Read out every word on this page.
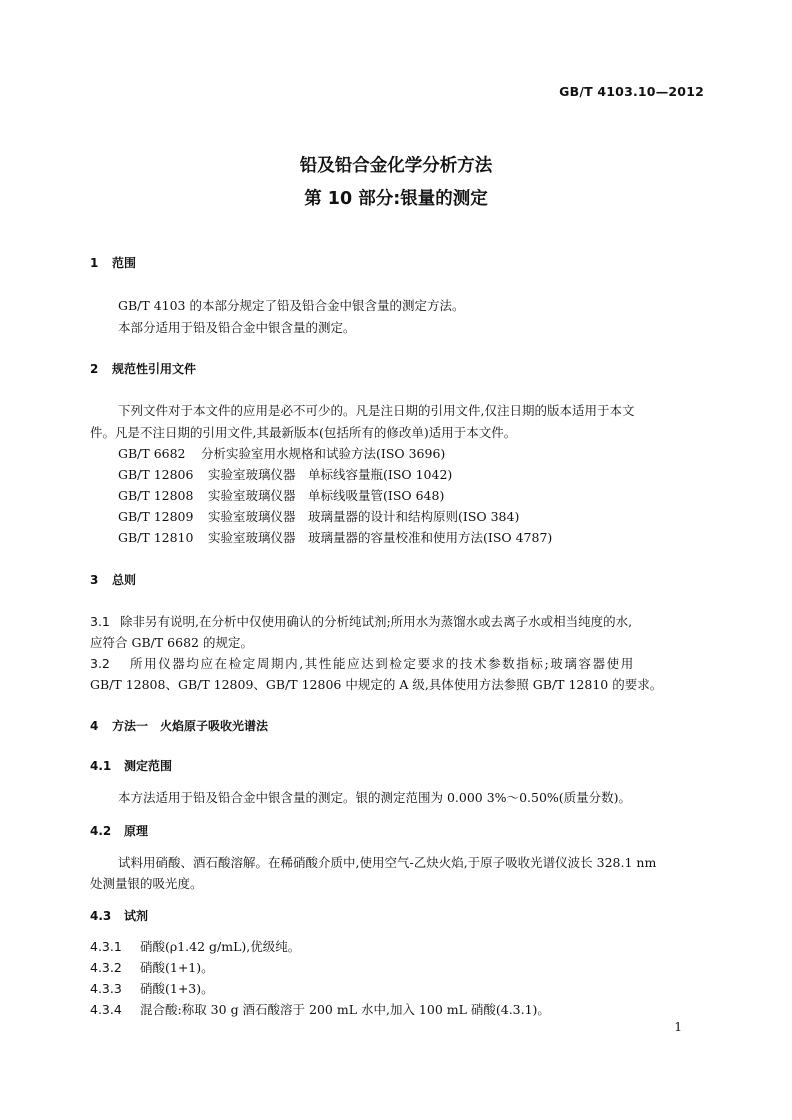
GB/T 4103.10—2012
铅及铅合金化学分析方法
第 10 部分:银量的测定
1 范围
GB/T 4103 的本部分规定了铅及铅合金中银含量的测定方法。
本部分适用于铅及铅合金中银含量的测定。
2 规范性引用文件
下列文件对于本文件的应用是必不可少的。凡是注日期的引用文件,仅注日期的版本适用于本文
件。凡是不注日期的引用文件,其最新版本(包括所有的修改单)适用于本文件。
GB/T 6682 分析实验室用水规格和试验方法(ISO 3696)
GB/T 12806 实验室玻璃仪器　单标线容量瓶(ISO 1042)
GB/T 12808 实验室玻璃仪器　单标线吸量管(ISO 648)
GB/T 12809 实验室玻璃仪器　玻璃量器的设计和结构原则(ISO 384)
GB/T 12810 实验室玻璃仪器　玻璃量器的容量校准和使用方法(ISO 4787)
3 总则
3.1 除非另有说明,在分析中仅使用确认的分析纯试剂;所用水为蒸馏水或去离子水或相当纯度的水,
应符合 GB/T 6682 的规定。
3.2 所用仪器均应在检定周期内,其性能应达到检定要求的技术参数指标;玻璃容器使用
GB/T 12808、GB/T 12809、GB/T 12806 中规定的 A 级,具体使用方法参照 GB/T 12810 的要求。
4 方法一　火焰原子吸收光谱法
4.1 测定范围
本方法适用于铅及铅合金中银含量的测定。银的测定范围为 0.000 3%～0.50%(质量分数)。
4.2 原理
试料用硝酸、酒石酸溶解。在稀硝酸介质中,使用空气-乙炔火焰,于原子吸收光谱仪波长 328.1 nm
处测量银的吸光度。
4.3 试剂
4.3.1 硝酸(ρ1.42 g/mL),优级纯。
4.3.2 硝酸(1+1)。
4.3.3 硝酸(1+3)。
4.3.4 混合酸:称取 30 g 酒石酸溶于 200 mL 水中,加入 100 mL 硝酸(4.3.1)。
1
